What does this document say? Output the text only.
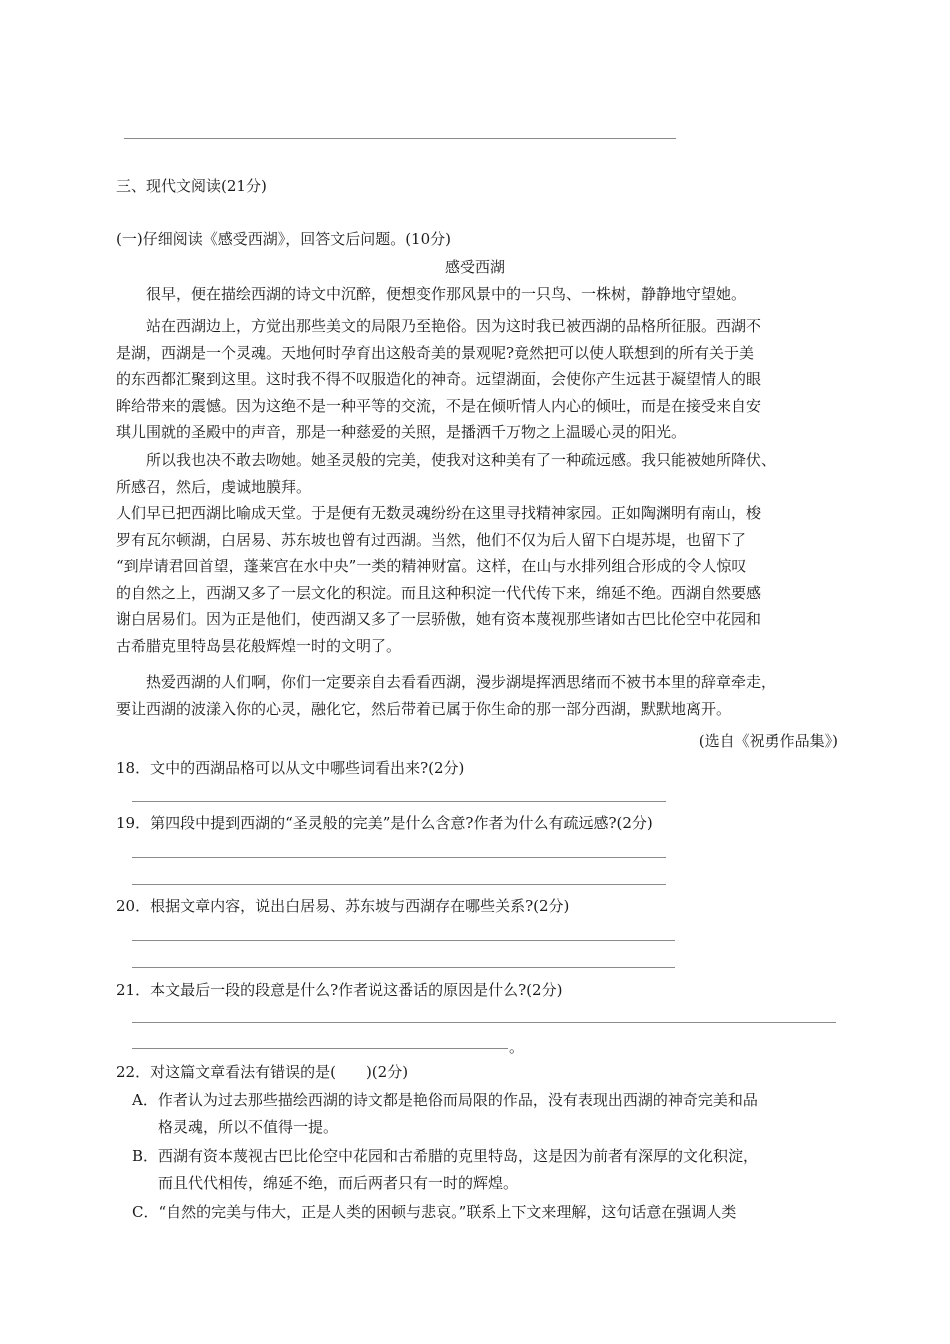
三、现代文阅读(21分)
(一)仔细阅读《感受西湖》，回答文后问题。(10分)
感受西湖
很早，便在描绘西湖的诗文中沉醉，便想变作那风景中的一只鸟、一株树，静静地守望她。
站在西湖边上，方觉出那些美文的局限乃至艳俗。因为这时我已被西湖的品格所征服。西湖不
是湖，西湖是一个灵魂。天地何时孕育出这般奇美的景观呢?竟然把可以使人联想到的所有关于美
的东西都汇聚到这里。这时我不得不叹服造化的神奇。远望湖面，会使你产生远甚于凝望情人的眼
眸给带来的震憾。因为这绝不是一种平等的交流，不是在倾听情人内心的倾吐，而是在接受来自安
琪儿围就的圣殿中的声音，那是一种慈爱的关照，是播洒千万物之上温暖心灵的阳光。
所以我也决不敢去吻她。她圣灵般的完美，使我对这种美有了一种疏远感。我只能被她所降伏、
所感召，然后，虔诚地膜拜。
人们早已把西湖比喻成天堂。于是便有无数灵魂纷纷在这里寻找精神家园。正如陶渊明有南山，梭
罗有瓦尔顿湖，白居易、苏东坡也曾有过西湖。当然，他们不仅为后人留下白堤苏堤，也留下了
“到岸请君回首望，蓬莱宫在水中央”一类的精神财富。这样，在山与水排列组合形成的令人惊叹
的自然之上，西湖又多了一层文化的积淀。而且这种积淀一代代传下来，绵延不绝。西湖自然要感
谢白居易们。因为正是他们，使西湖又多了一层骄傲，她有资本蔑视那些诸如古巴比伦空中花园和
古希腊克里特岛昙花般辉煌一时的文明了。
热爱西湖的人们啊，你们一定要亲自去看看西湖，漫步湖堤挥洒思绪而不被书本里的辞章牵走，
要让西湖的波漾入你的心灵，融化它，然后带着已属于你生命的那一部分西湖，默默地离开。
(选自《祝勇作品集》)
18．文中的西湖品格可以从文中哪些词看出来?(2分)
19．第四段中提到西湖的“圣灵般的完美”是什么含意?作者为什么有疏远感?(2分)
20．根据文章内容，说出白居易、苏东坡与西湖存在哪些关系?(2分)
21．本文最后一段的段意是什么?作者说这番话的原因是什么?(2分)
。
22．对这篇文章看法有错误的是(　　)(2分)
A．作者认为过去那些描绘西湖的诗文都是艳俗而局限的作品，没有表现出西湖的神奇完美和品
格灵魂，所以不值得一提。
B．西湖有资本蔑视古巴比伦空中花园和古希腊的克里特岛，这是因为前者有深厚的文化积淀，
而且代代相传，绵延不绝，而后两者只有一时的辉煌。
C．“自然的完美与伟大，正是人类的困顿与悲哀。”联系上下文来理解，这句话意在强调人类
